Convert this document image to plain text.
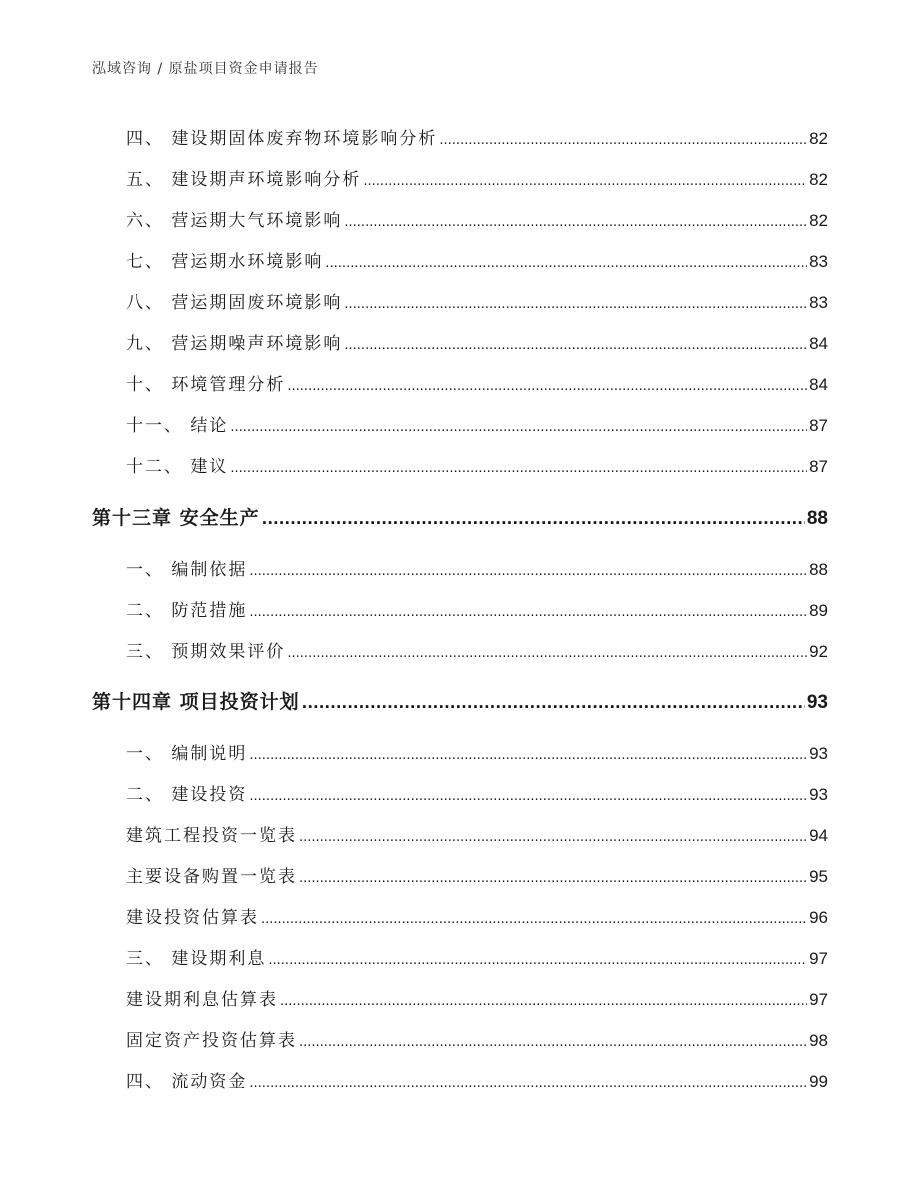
泓域咨询 / 原盐项目资金申请报告
四、 建设期固体废弃物环境影响分析 .....	82
五、 建设期声环境影响分析 .....	82
六、 营运期大气环境影响 .....	82
七、 营运期水环境影响 .....	83
八、 营运期固废环境影响 .....	83
九、 营运期噪声环境影响 .....	84
十、 环境管理分析 .....	84
十一、 结论 .....	87
十二、 建议 .....	87
第十三章 安全生产 .....	88
一、 编制依据 .....	88
二、 防范措施 .....	89
三、 预期效果评价 .....	92
第十四章 项目投资计划 .....	93
一、 编制说明 .....	93
二、 建设投资 .....	93
建筑工程投资一览表 .....	94
主要设备购置一览表 .....	95
建设投资估算表 .....	96
三、 建设期利息 .....	97
建设期利息估算表 .....	97
固定资产投资估算表 .....	98
四、 流动资金 .....	99
